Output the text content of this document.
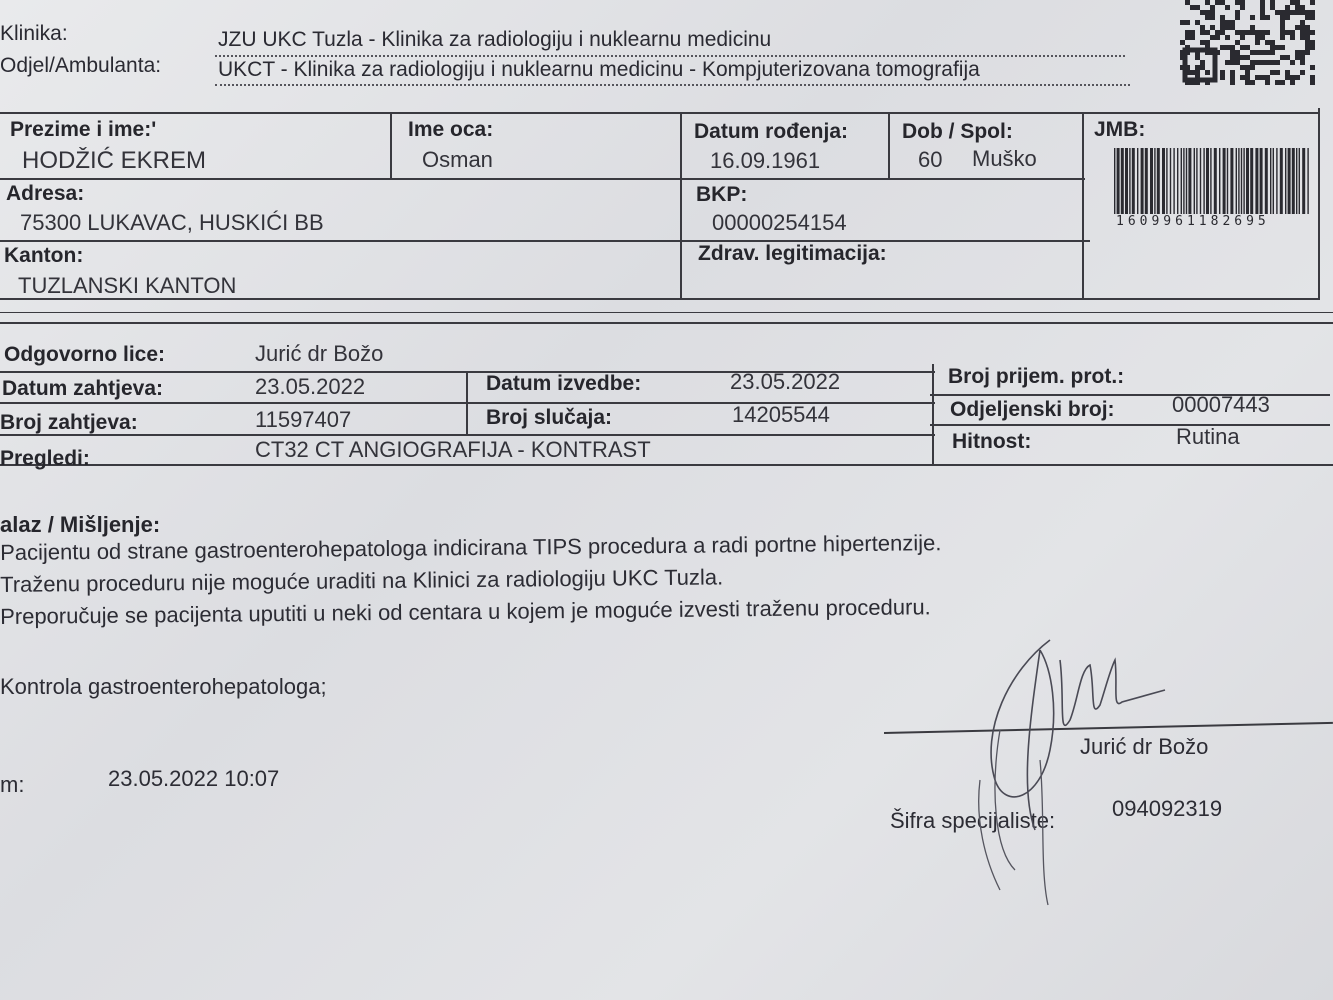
Klinika:	JZU UKC Tuzla - Klinika za radiologiju i nuklearnu medicinu
Odjel/Ambulanta:	UKCT - Klinika za radiologiju i nuklearnu medicinu - Kompjuterizovana tomografija
Prezime i ime:'
HODŽIĆ EKREM
Ime oca:
Osman
Datum rođenja:
16.09.1961
Dob / Spol:
60 Muško
JMB:
1609961182695
Adresa:
75300 LUKAVAC, HUSKIĆI BB
BKP:
00000254154
Kanton:
TUZLANSKI KANTON
Zdrav. legitimacija:
Odgovorno lice:	Jurić dr Božo
Datum zahtjeva:	23.05.2022	Datum izvedbe:	23.05.2022	Broj prijem. prot.:
Broj zahtjeva:	11597407	Broj slučaja:	14205544	Odjeljenski broj:	00007443
Pregledi:	CT32 CT ANGIOGRAFIJA - KONTRAST	Hitnost:	Rutina
alaz / Mišljenje:
Pacijentu od strane gastroenterohepatologa indicirana TIPS procedura a radi portne hipertenzije.
Traženu proceduru nije moguće uraditi na Klinici za radiologiju UKC Tuzla.
Preporučuje se pacijenta uputiti u neki od centara u kojem je moguće izvesti traženu proceduru.
Kontrola gastroenterohepatologa;
m:	23.05.2022 10:07
Jurić dr Božo
Šifra specijaliste:	094092319
